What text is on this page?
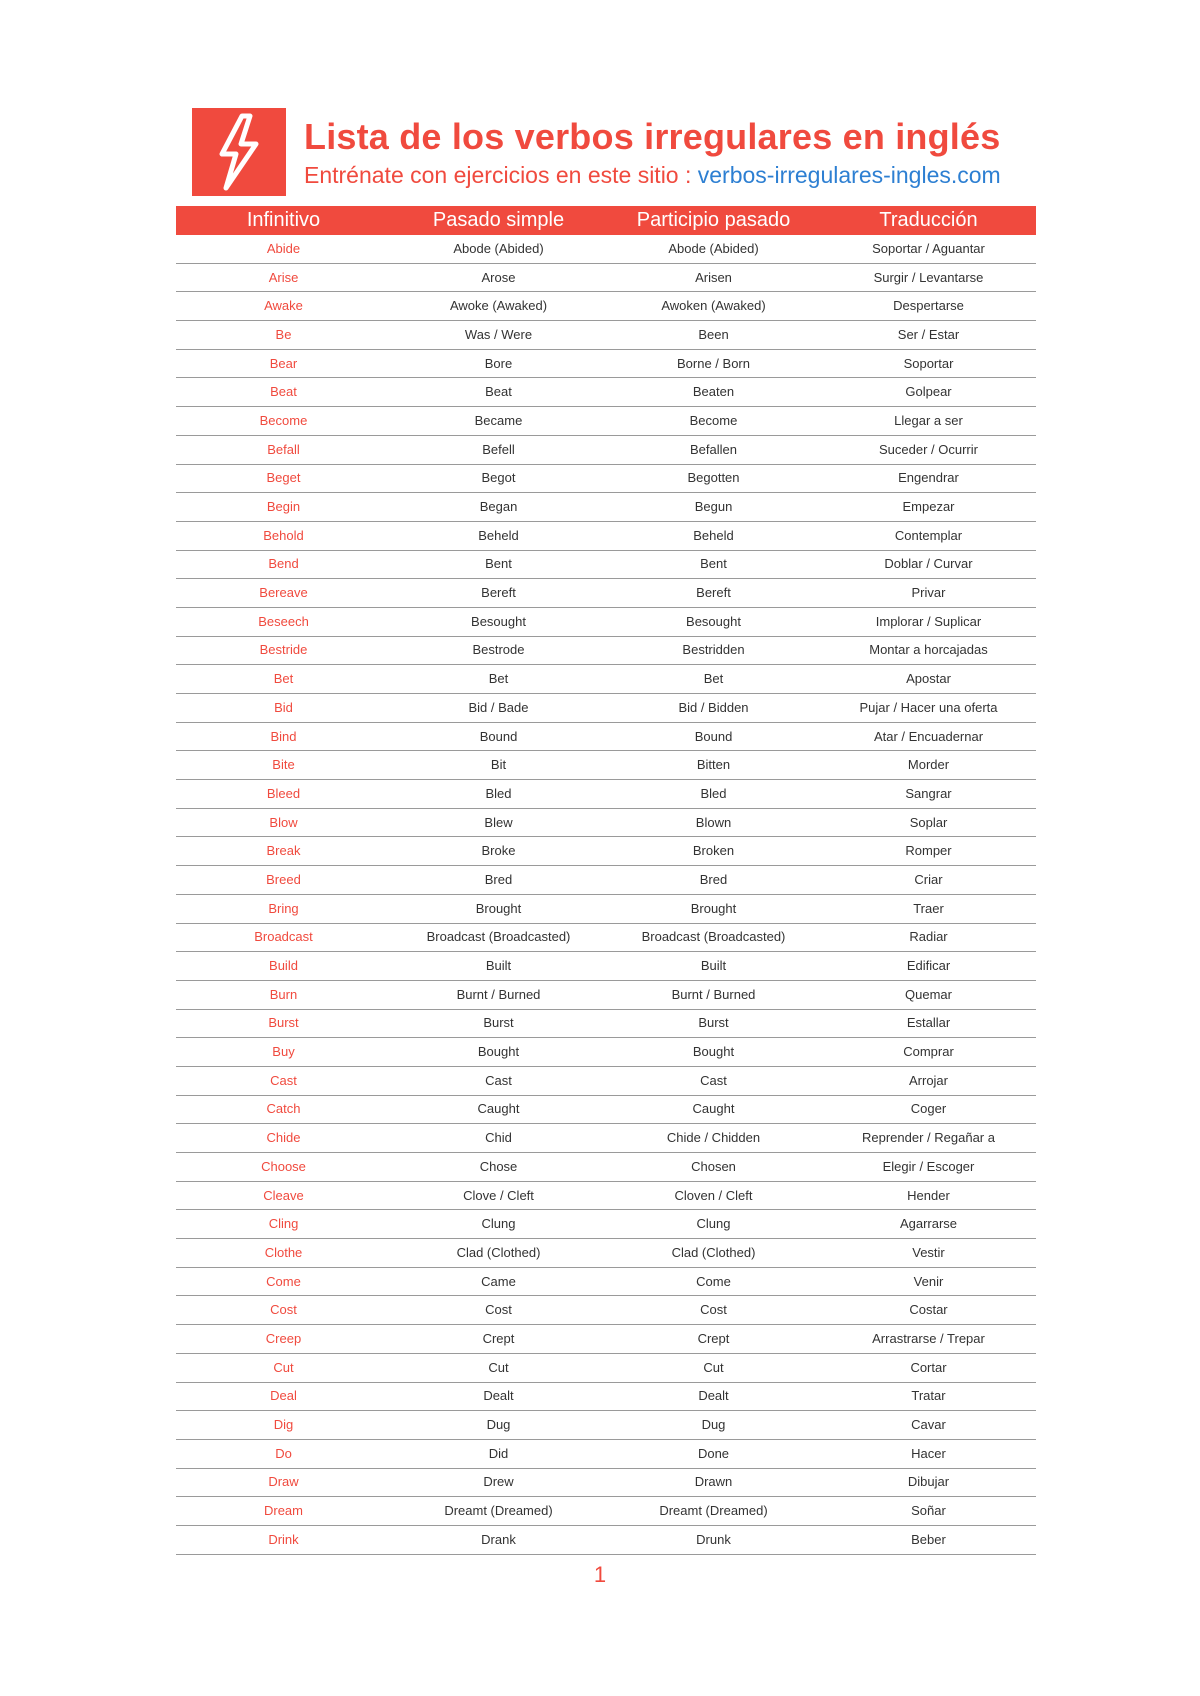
Lista de los verbos irregulares en inglés
Entrénate con ejercicios en este sitio : verbos-irregulares-ingles.com
Infinitivo	Pasado simple	Participio pasado	Traducción
Abide	Abode (Abided)	Abode (Abided)	Soportar / Aguantar
Arise	Arose	Arisen	Surgir / Levantarse
Awake	Awoke (Awaked)	Awoken (Awaked)	Despertarse
Be	Was / Were	Been	Ser / Estar
Bear	Bore	Borne / Born	Soportar
Beat	Beat	Beaten	Golpear
Become	Became	Become	Llegar a ser
Befall	Befell	Befallen	Suceder / Ocurrir
Beget	Begot	Begotten	Engendrar
Begin	Began	Begun	Empezar
Behold	Beheld	Beheld	Contemplar
Bend	Bent	Bent	Doblar / Curvar
Bereave	Bereft	Bereft	Privar
Beseech	Besought	Besought	Implorar / Suplicar
Bestride	Bestrode	Bestridden	Montar a horcajadas
Bet	Bet	Bet	Apostar
Bid	Bid / Bade	Bid / Bidden	Pujar / Hacer una oferta
Bind	Bound	Bound	Atar / Encuadernar
Bite	Bit	Bitten	Morder
Bleed	Bled	Bled	Sangrar
Blow	Blew	Blown	Soplar
Break	Broke	Broken	Romper
Breed	Bred	Bred	Criar
Bring	Brought	Brought	Traer
Broadcast	Broadcast (Broadcasted)	Broadcast (Broadcasted)	Radiar
Build	Built	Built	Edificar
Burn	Burnt / Burned	Burnt / Burned	Quemar
Burst	Burst	Burst	Estallar
Buy	Bought	Bought	Comprar
Cast	Cast	Cast	Arrojar
Catch	Caught	Caught	Coger
Chide	Chid	Chide / Chidden	Reprender / Regañar a
Choose	Chose	Chosen	Elegir / Escoger
Cleave	Clove / Cleft	Cloven / Cleft	Hender
Cling	Clung	Clung	Agarrarse
Clothe	Clad (Clothed)	Clad (Clothed)	Vestir
Come	Came	Come	Venir
Cost	Cost	Cost	Costar
Creep	Crept	Crept	Arrastrarse / Trepar
Cut	Cut	Cut	Cortar
Deal	Dealt	Dealt	Tratar
Dig	Dug	Dug	Cavar
Do	Did	Done	Hacer
Draw	Drew	Drawn	Dibujar
Dream	Dreamt (Dreamed)	Dreamt (Dreamed)	Soñar
Drink	Drank	Drunk	Beber
1
